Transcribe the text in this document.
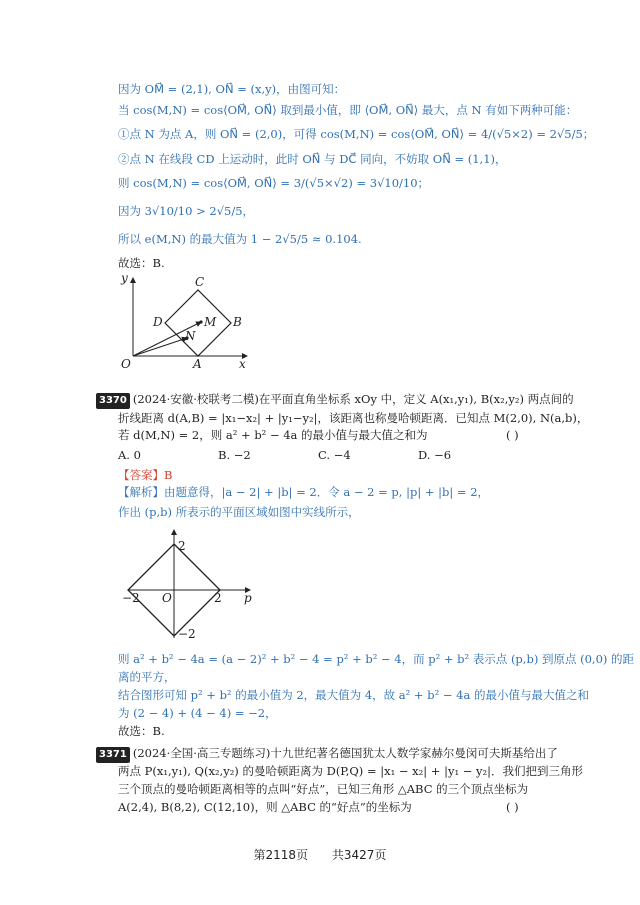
因为 OM⃗ = (2,1), ON⃗ = (x,y)，由图可知：
当 cos(M,N) = cos⟨OM⃗, ON⃗⟩ 取到最小值，即 ⟨OM⃗, ON⃗⟩ 最大，点 N 有如下两种可能：
①点 N 为点 A，则 ON⃗ = (2,0)，可得 cos(M,N) = cos⟨OM⃗, ON⃗⟩ = 4/(√5×2) = 2√5/5；
②点 N 在线段 CD 上运动时，此时 ON⃗ 与 DC⃗ 同向，不妨取 ON⃗ = (1,1)，
则 cos(M,N) = cos⟨OM⃗, ON⃗⟩ = 3/(√5×√2) = 3√10/10；
因为 3√10/10 > 2√5/5，
所以 e(M,N) 的最大值为 1 − 2√5/5 ≈ 0.104.
故选：B.
y
x
O
C
D	M B
N
A
3370 (2024·安徽·校联考二模)在平面直角坐标系 xOy 中，定义 A(x₁,y₁), B(x₂,y₂) 两点间的
折线距离 d(A,B) = |x₁−x₂| + |y₁−y₂|，该距离也称曼哈顿距离．已知点 M(2,0), N(a,b)，
若 d(M,N) = 2，则 a² + b² − 4a 的最小值与最大值之和为	( )
A. 0	B. −2	C. −4	D. −6
【答案】B
【解析】由题意得，|a − 2| + |b| = 2．令 a − 2 = p, |p| + |b| = 2，
作出 (p,b) 所表示的平面区域如图中实线所示，
2
−2 O	2 p
−2
则 a² + b² − 4a = (a − 2)² + b² − 4 = p² + b² − 4，而 p² + b² 表示点 (p,b) 到原点 (0,0) 的距
离的平方，
结合图形可知 p² + b² 的最小值为 2，最大值为 4，故 a² + b² − 4a 的最小值与最大值之和
为 (2 − 4) + (4 − 4) = −2，
故选：B.
3371 (2024·全国·高三专题练习)十九世纪著名德国犹太人数学家赫尔曼闵可夫斯基给出了
两点 P(x₁,y₁), Q(x₂,y₂) 的曼哈顿距离为 D(P,Q) = |x₁ − x₂| + |y₁ − y₂|．我们把到三角形
三个顶点的曼哈顿距离相等的点叫“好点”，已知三角形 △ABC 的三个顶点坐标为
A(2,4), B(8,2), C(12,10)，则 △ABC 的“好点”的坐标为	( )
第2118页 共3427页
